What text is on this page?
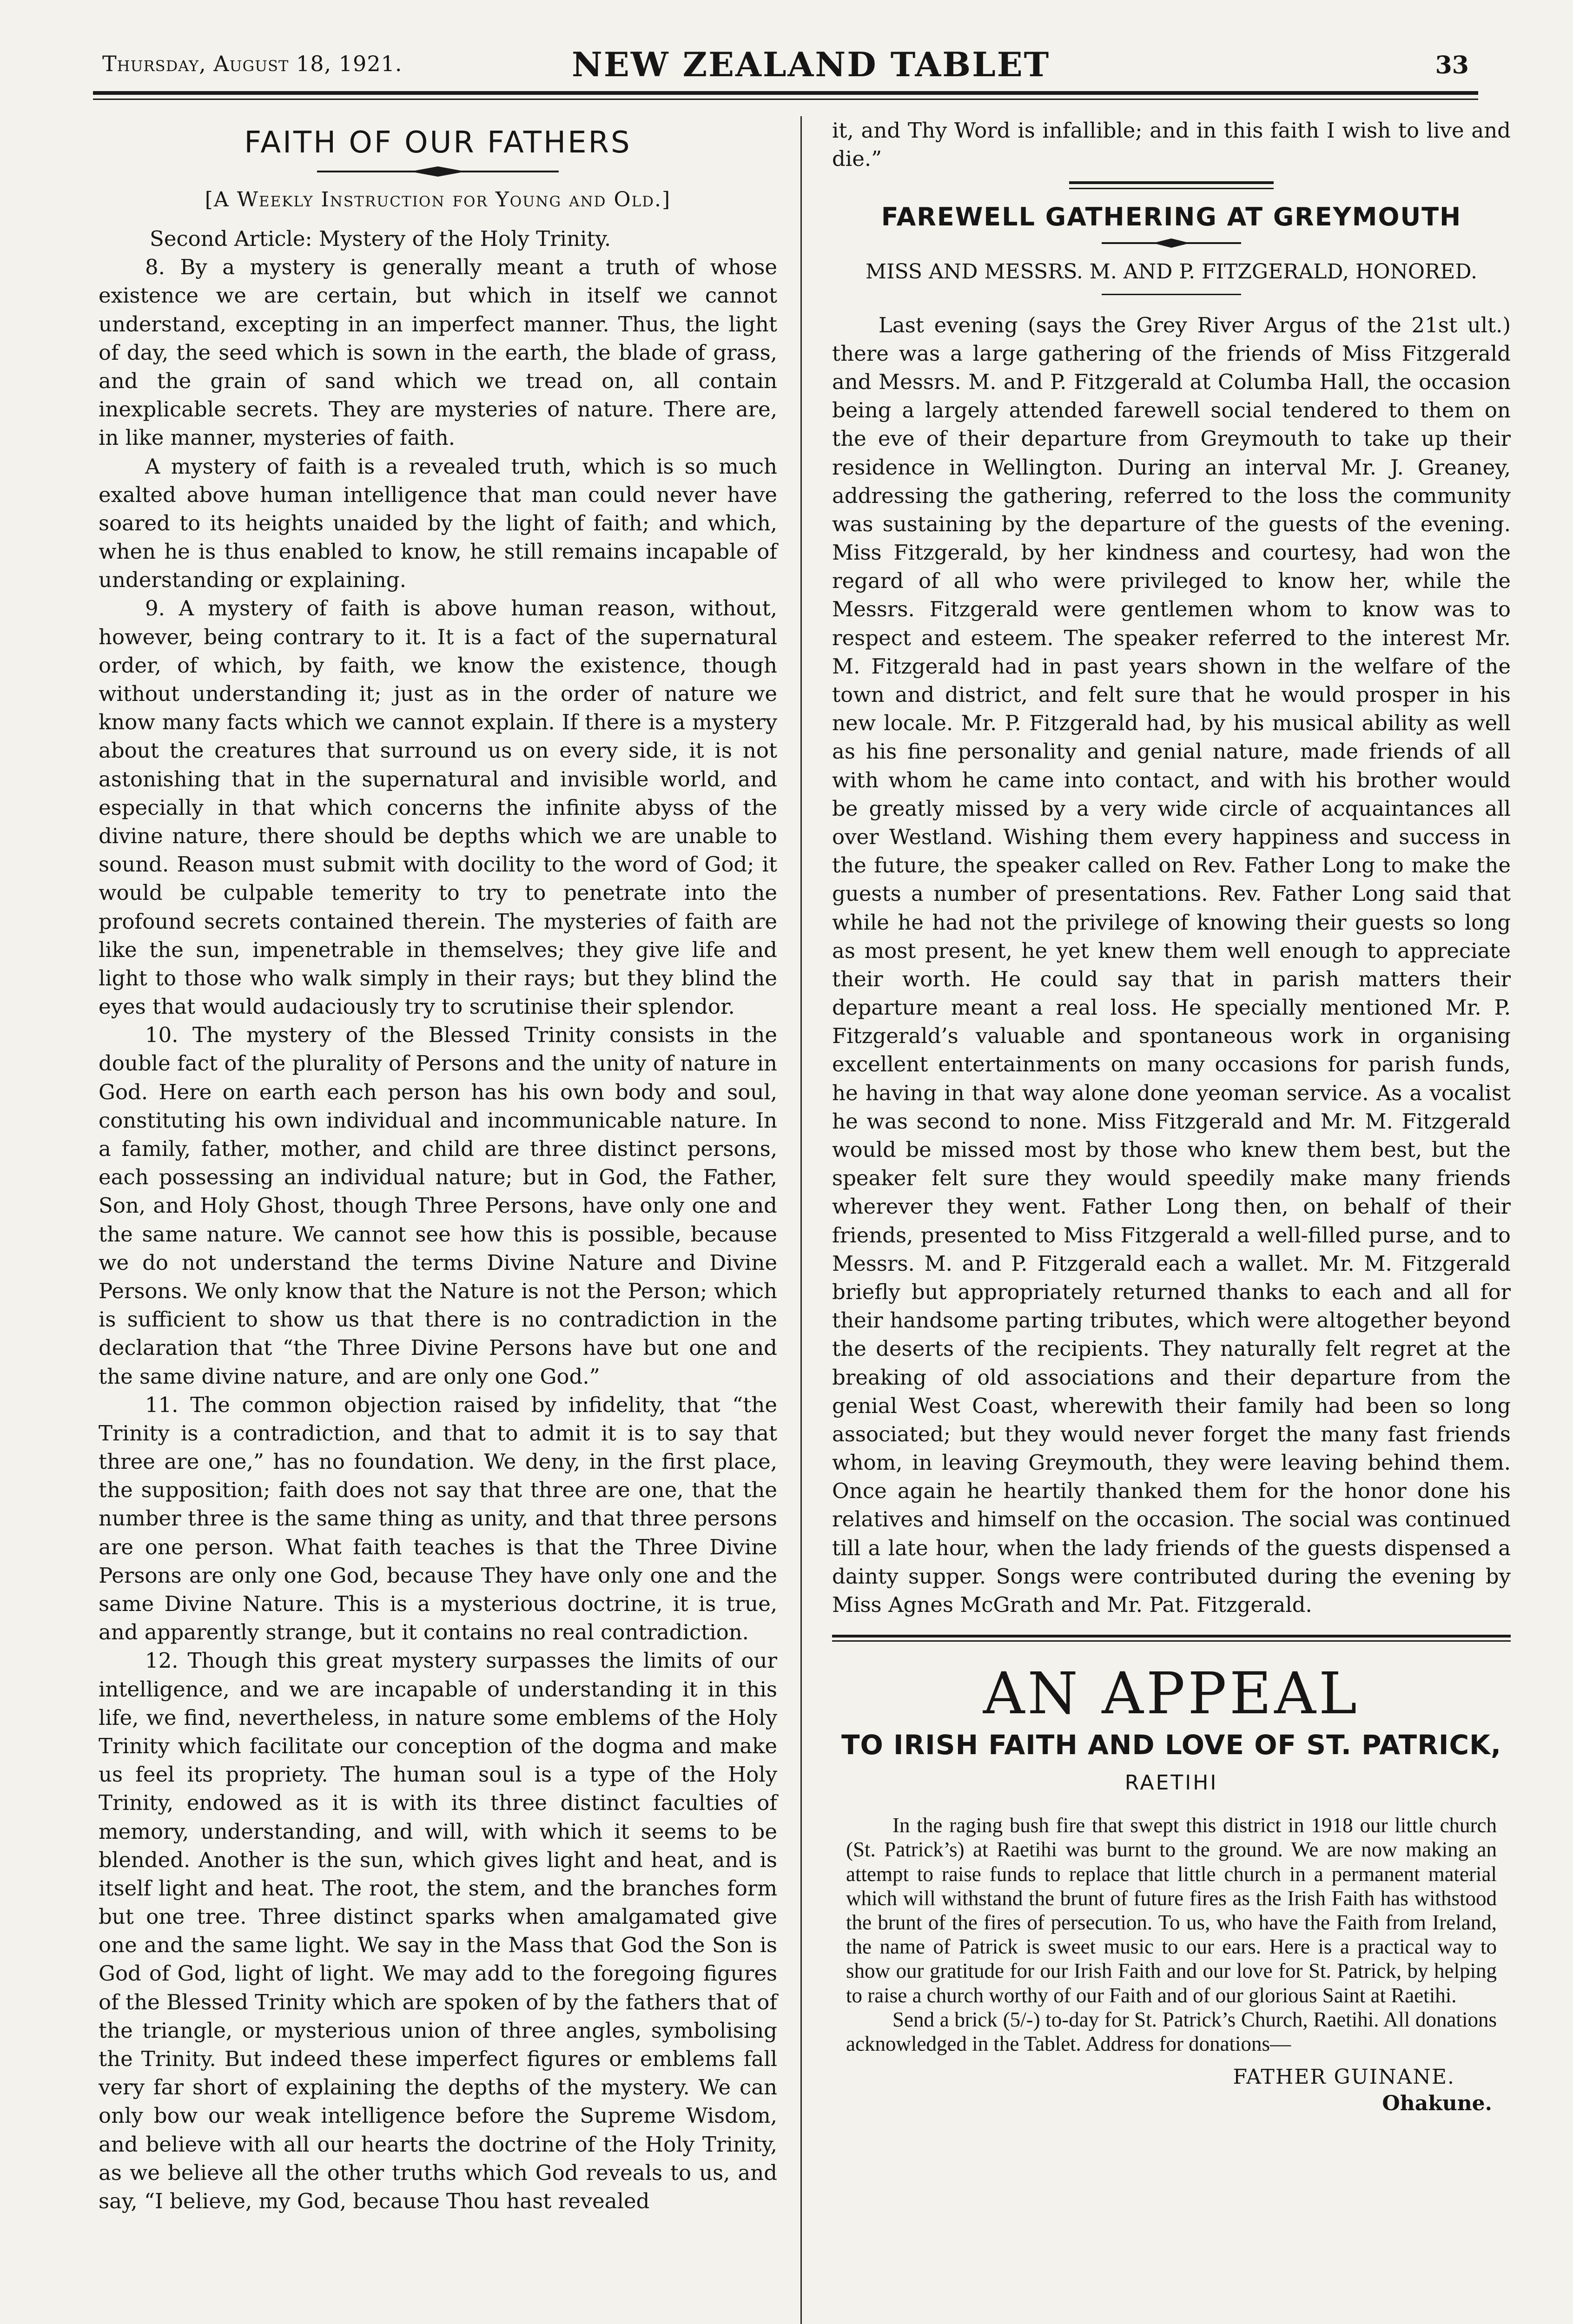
Thursday, August 18, 1921.	NEW ZEALAND TABLET	33
FAITH OF OUR FATHERS
[A Weekly Instruction for Young and Old.]

Second Article: Mystery of the Holy Trinity.

8. By a mystery is generally meant a truth of whose existence we are certain, but which in itself we cannot understand, excepting in an imperfect manner. Thus, the light of day, the seed which is sown in the earth, the blade of grass, and the grain of sand which we tread on, all contain inexplicable secrets. They are mysteries of nature. There are, in like manner, mysteries of faith.

A mystery of faith is a revealed truth, which is so much exalted above human intelligence that man could never have soared to its heights unaided by the light of faith; and which, when he is thus enabled to know, he still remains incapable of understanding or explaining.

9. A mystery of faith is above human reason, without, however, being contrary to it. It is a fact of the supernatural order, of which, by faith, we know the existence, though without understanding it; just as in the order of nature we know many facts which we cannot explain. If there is a mystery about the creatures that surround us on every side, it is not astonishing that in the supernatural and invisible world, and especially in that which concerns the infinite abyss of the divine nature, there should be depths which we are unable to sound. Reason must submit with docility to the word of God; it would be culpable temerity to try to penetrate into the profound secrets contained therein. The mysteries of faith are like the sun, impenetrable in themselves; they give life and light to those who walk simply in their rays; but they blind the eyes that would audaciously try to scrutinise their splendor.

10. The mystery of the Blessed Trinity consists in the double fact of the plurality of Persons and the unity of nature in God. Here on earth each person has his own body and soul, constituting his own individual and incommunicable nature. In a family, father, mother, and child are three distinct persons, each possessing an individual nature; but in God, the Father, Son, and Holy Ghost, though Three Persons, have only one and the same nature. We cannot see how this is possible, because we do not understand the terms Divine Nature and Divine Persons. We only know that the Nature is not the Person; which is sufficient to show us that there is no contradiction in the declaration that “the Three Divine Persons have but one and the same divine nature, and are only one God.”

11. The common objection raised by infidelity, that “the Trinity is a contradiction, and that to admit it is to say that three are one,” has no foundation. We deny, in the first place, the supposition; faith does not say that three are one, that the number three is the same thing as unity, and that three persons are one person. What faith teaches is that the Three Divine Persons are only one God, because They have only one and the same Divine Nature. This is a mysterious doctrine, it is true, and apparently strange, but it contains no real contradiction.

12. Though this great mystery surpasses the limits of our intelligence, and we are incapable of understanding it in this life, we find, nevertheless, in nature some emblems of the Holy Trinity which facilitate our conception of the dogma and make us feel its propriety. The human soul is a type of the Holy Trinity, endowed as it is with its three distinct faculties of memory, understanding, and will, with which it seems to be blended. Another is the sun, which gives light and heat, and is itself light and heat. The root, the stem, and the branches form but one tree. Three distinct sparks when amalgamated give one and the same light. We say in the Mass that God the Son is God of God, light of light. We may add to the foregoing figures of the Blessed Trinity which are spoken of by the fathers that of the triangle, or mysterious union of three angles, symbolising the Trinity. But indeed these imperfect figures or emblems fall very far short of explaining the depths of the mystery. We can only bow our weak intelligence before the Supreme Wisdom, and believe with all our hearts the doctrine of the Holy Trinity, as we believe all the other truths which God reveals to us, and say, “I believe, my God, because Thou hast revealed

it, and Thy Word is infallible; and in this faith I wish to live and die.”

FAREWELL GATHERING AT GREYMOUTH
MISS AND MESSRS. M. AND P. FITZGERALD, HONORED.

Last evening (says the Grey River Argus of the 21st ult.) there was a large gathering of the friends of Miss Fitzgerald and Messrs. M. and P. Fitzgerald at Columba Hall, the occasion being a largely attended farewell social tendered to them on the eve of their departure from Greymouth to take up their residence in Wellington. During an interval Mr. J. Greaney, addressing the gathering, referred to the loss the community was sustaining by the departure of the guests of the evening. Miss Fitzgerald, by her kindness and courtesy, had won the regard of all who were privileged to know her, while the Messrs. Fitzgerald were gentlemen whom to know was to respect and esteem. The speaker referred to the interest Mr. M. Fitzgerald had in past years shown in the welfare of the town and district, and felt sure that he would prosper in his new locale. Mr. P. Fitzgerald had, by his musical ability as well as his fine personality and genial nature, made friends of all with whom he came into contact, and with his brother would be greatly missed by a very wide circle of acquaintances all over Westland. Wishing them every happiness and success in the future, the speaker called on Rev. Father Long to make the guests a number of presentations. Rev. Father Long said that while he had not the privilege of knowing their guests so long as most present, he yet knew them well enough to appreciate their worth. He could say that in parish matters their departure meant a real loss. He specially mentioned Mr. P. Fitzgerald’s valuable and spontaneous work in organising excellent entertainments on many occasions for parish funds, he having in that way alone done yeoman service. As a vocalist he was second to none. Miss Fitzgerald and Mr. M. Fitzgerald would be missed most by those who knew them best, but the speaker felt sure they would speedily make many friends wherever they went. Father Long then, on behalf of their friends, presented to Miss Fitzgerald a well-filled purse, and to Messrs. M. and P. Fitzgerald each a wallet. Mr. M. Fitzgerald briefly but appropriately returned thanks to each and all for their handsome parting tributes, which were altogether beyond the deserts of the recipients. They naturally felt regret at the breaking of old associations and their departure from the genial West Coast, wherewith their family had been so long associated; but they would never forget the many fast friends whom, in leaving Greymouth, they were leaving behind them. Once again he heartily thanked them for the honor done his relatives and himself on the occasion. The social was continued till a late hour, when the lady friends of the guests dispensed a dainty supper. Songs were contributed during the evening by Miss Agnes McGrath and Mr. Pat. Fitzgerald.

AN APPEAL
TO IRISH FAITH AND LOVE OF ST. PATRICK,
RAETIHI

In the raging bush fire that swept this district in 1918 our little church (St. Patrick’s) at Raetihi was burnt to the ground. We are now making an attempt to raise funds to replace that little church in a permanent material which will withstand the brunt of future fires as the Irish Faith has withstood the brunt of the fires of persecution. To us, who have the Faith from Ireland, the name of Patrick is sweet music to our ears. Here is a practical way to show our gratitude for our Irish Faith and our love for St. Patrick, by helping to raise a church worthy of our Faith and of our glorious Saint at Raetihi.

Send a brick (5/-) to-day for St. Patrick’s Church, Raetihi. All donations acknowledged in the Tablet. Address for donations—

FATHER GUINANE.
Ohakune.
